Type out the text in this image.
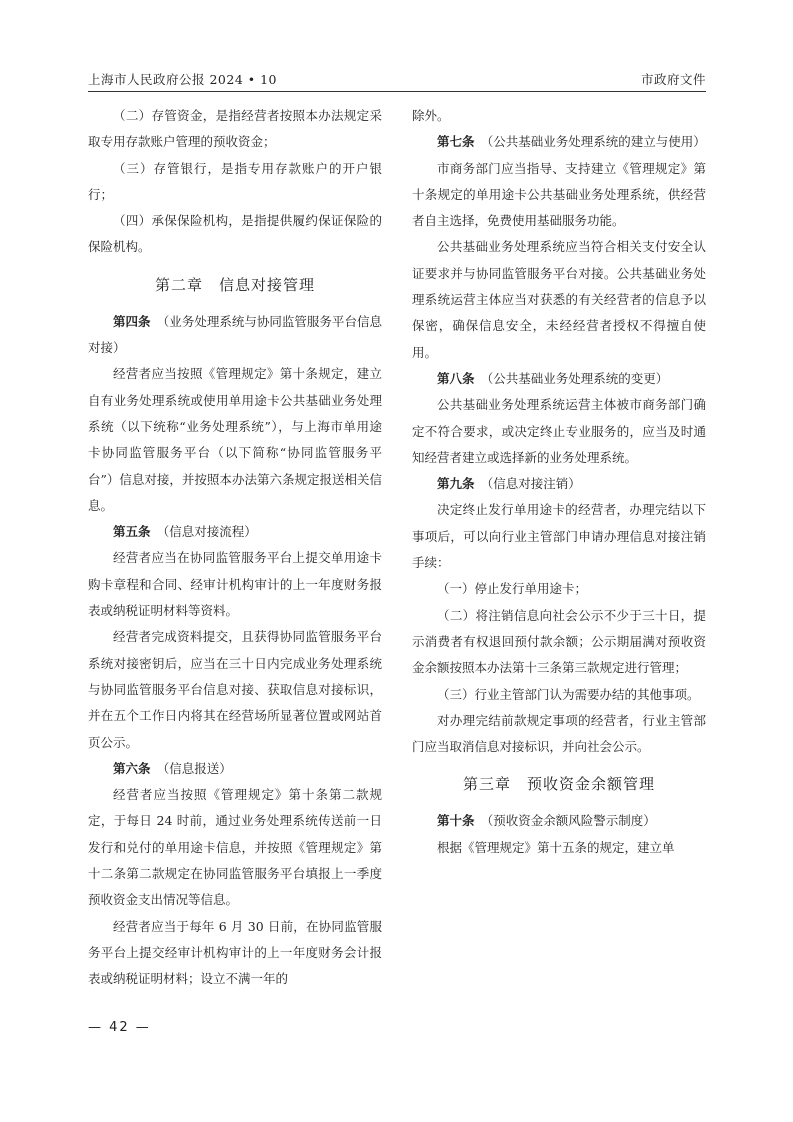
上海市人民政府公报 2024 • 10	市政府文件

（二）存管资金，是指经营者按照本办法规定采取专用存款账户管理的预收资金；

（三）存管银行，是指专用存款账户的开户银行；

（四）承保保险机构，是指提供履约保证保险的保险机构。

第二章　信息对接管理

第四条　 （业务处理系统与协同监管服务平台信息对接）

经营者应当按照《管理规定》第十条规定，建立自有业务处理系统或使用单用途卡公共基础业务处理系统（以下统称“业务处理系统”），与上海市单用途卡协同监管服务平台（以下简称“协同监管服务平台”）信息对接，并按照本办法第六条规定报送相关信息。

第五条　 （信息对接流程）

经营者应当在协同监管服务平台上提交单用途卡购卡章程和合同、经审计机构审计的上一年度财务报表或纳税证明材料等资料。

经营者完成资料提交，且获得协同监管服务平台系统对接密钥后，应当在三十日内完成业务处理系统与协同监管服务平台信息对接、获取信息对接标识，并在五个工作日内将其在经营场所显著位置或网站首页公示。

第六条　 （信息报送）

经营者应当按照《管理规定》第十条第二款规定，于每日 24 时前，通过业务处理系统传送前一日发行和兑付的单用途卡信息，并按照《管理规定》第十二条第二款规定在协同监管服务平台填报上一季度预收资金支出情况等信息。

经营者应当于每年 6 月 30 日前，在协同监管服务平台上提交经审计机构审计的上一年度财务会计报表或纳税证明材料；设立不满一年的

除外。

第七条　 （公共基础业务处理系统的建立与使用）

市商务部门应当指导、支持建立《管理规定》第十条规定的单用途卡公共基础业务处理系统，供经营者自主选择，免费使用基础服务功能。

公共基础业务处理系统应当符合相关支付安全认证要求并与协同监管服务平台对接。公共基础业务处理系统运营主体应当对获悉的有关经营者的信息予以保密，确保信息安全，未经经营者授权不得擅自使用。

第八条　 （公共基础业务处理系统的变更）

公共基础业务处理系统运营主体被市商务部门确定不符合要求，或决定终止专业服务的，应当及时通知经营者建立或选择新的业务处理系统。

第九条　 （信息对接注销）

决定终止发行单用途卡的经营者，办理完结以下事项后，可以向行业主管部门申请办理信息对接注销手续：

（一）停止发行单用途卡；

（二）将注销信息向社会公示不少于三十日，提示消费者有权退回预付款余额；公示期届满对预收资金余额按照本办法第十三条第三款规定进行管理；

（三）行业主管部门认为需要办结的其他事项。

对办理完结前款规定事项的经营者，行业主管部门应当取消信息对接标识，并向社会公示。

第三章　预收资金余额管理

第十条　 （预收资金余额风险警示制度）

根据《管理规定》第十五条的规定，建立单

— 42 —
